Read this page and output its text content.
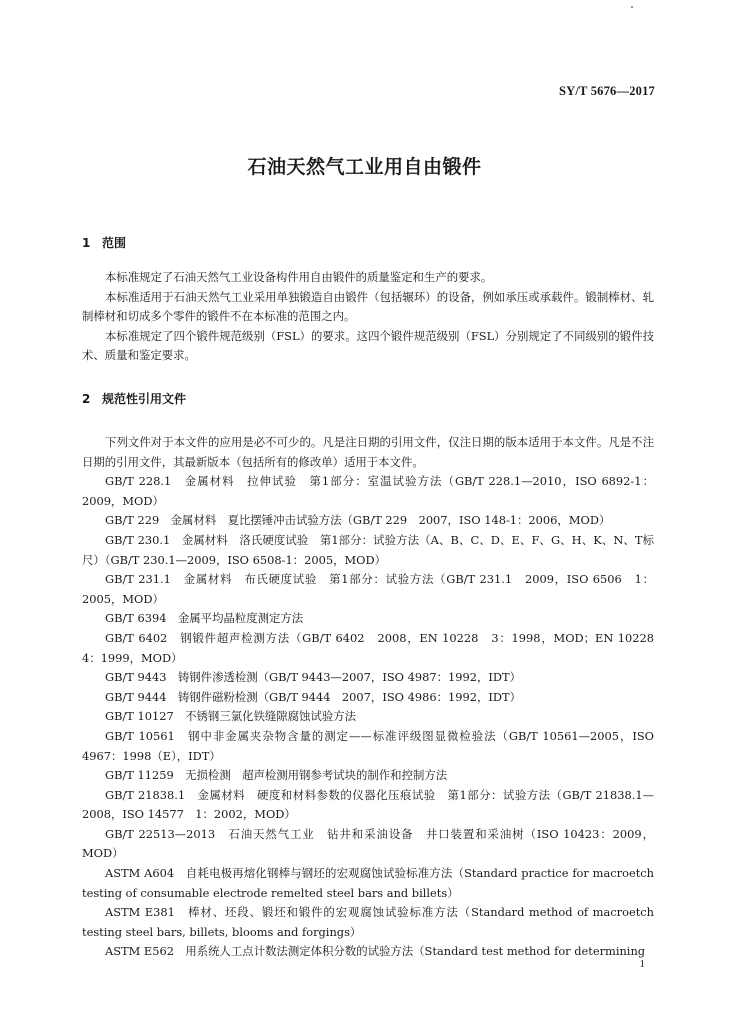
SY/T 5676—2017
石油天然气工业用自由锻件
1 范围

本标准规定了石油天然气工业设备构件用自由锻件的质量鉴定和生产的要求。

本标准适用于石油天然气工业采用单独锻造自由锻件（包括辗环）的设备，例如承压或承载件。锻制棒材、轧制棒材和切成多个零件的锻件不在本标准的范围之内。

本标准规定了四个锻件规范级别（FSL）的要求。这四个锻件规范级别（FSL）分别规定了不同级别的锻件技术、质量和鉴定要求。

2 规范性引用文件

下列文件对于本文件的应用是必不可少的。凡是注日期的引用文件，仅注日期的版本适用于本文件。凡是不注日期的引用文件，其最新版本（包括所有的修改单）适用于本文件。

GB/T 228.1　金属材料　拉伸试验　第1部分：室温试验方法（GB/T 228.1—2010，ISO 6892-1：2009，MOD）

GB/T 229　金属材料　夏比摆锤冲击试验方法（GB/T 229　2007，ISO 148-1：2006，MOD）

GB/T 230.1　金属材料　洛氏硬度试验　第1部分：试验方法（A、B、C、D、E、F、G、H、K、N、T标尺）（GB/T 230.1—2009，ISO 6508-1：2005，MOD）

GB/T 231.1　金属材料　布氏硬度试验　第1部分：试验方法（GB/T 231.1　2009，ISO 6506　1：2005，MOD）

GB/T 6394　金属平均晶粒度测定方法

GB/T 6402　钢锻件超声检测方法（GB/T 6402　2008，EN 10228　3：1998，MOD；EN 10228　4：1999，MOD）

GB/T 9443　铸钢件渗透检测（GB/T 9443—2007，ISO 4987：1992，IDT）

GB/T 9444　铸钢件磁粉检测（GB/T 9444　2007，ISO 4986：1992，IDT）

GB/T 10127　不锈钢三氯化铁缝隙腐蚀试验方法

GB/T 10561　钢中非金属夹杂物含量的测定——标准评级图显微检验法（GB/T 10561—2005，ISO 4967：1998（E），IDT）

GB/T 11259　无损检测　超声检测用钢参考试块的制作和控制方法

GB/T 21838.1　金属材料　硬度和材料参数的仪器化压痕试验　第1部分：试验方法（GB/T 21838.1—2008，ISO 14577　1：2002，MOD）

GB/T 22513—2013　石油天然气工业　钻井和采油设备　井口装置和采油树（ISO 10423：2009，MOD）

ASTM A604　自耗电极再熔化钢棒与钢坯的宏观腐蚀试验标准方法（Standard practice for macroetch testing of consumable electrode remelted steel bars and billets）

ASTM E381　棒材、坯段、锻坯和锻件的宏观腐蚀试验标准方法（Standard method of macroetch testing steel bars, billets, blooms and forgings）

ASTM E562　用系统人工点计数法测定体积分数的试验方法（Standard test method for determining

1
